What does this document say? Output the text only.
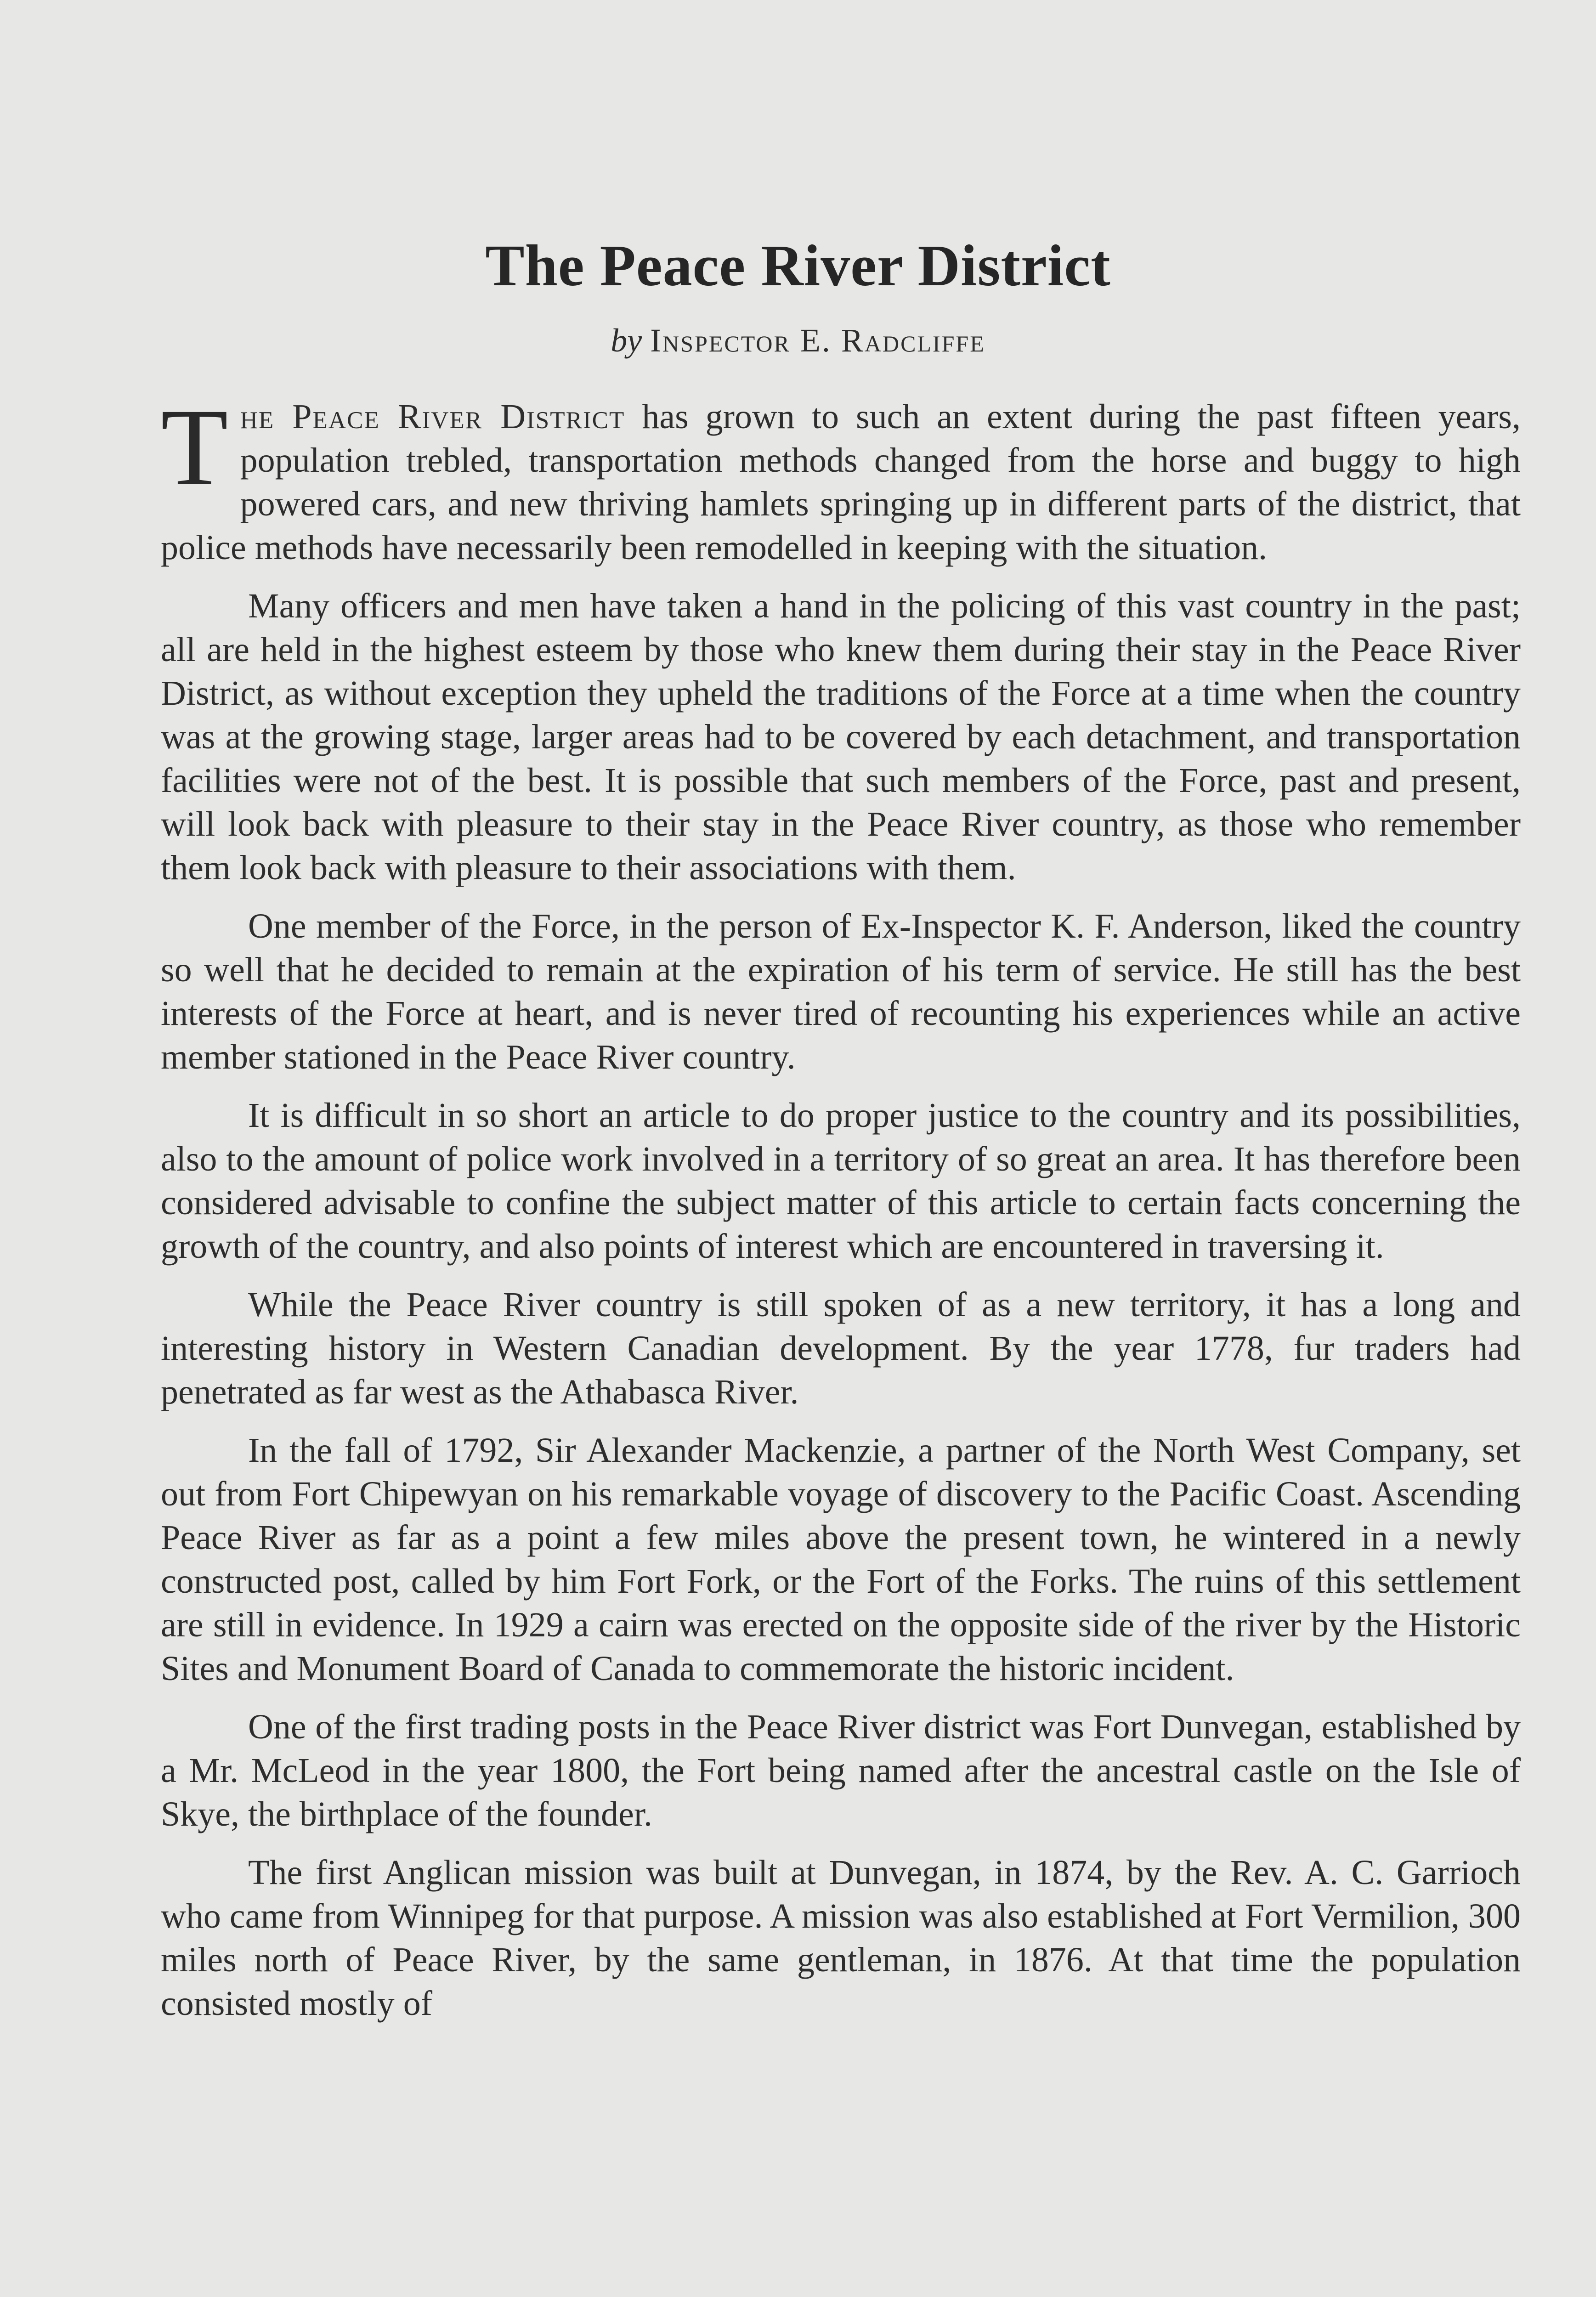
The Peace River District
by Inspector E. Radcliffe

The Peace River District has grown to such an extent during the past fifteen years, population trebled, transportation methods changed from the horse and buggy to high powered cars, and new thriving hamlets springing up in different parts of the district, that police methods have necessarily been remodelled in keeping with the situation.

Many officers and men have taken a hand in the policing of this vast country in the past; all are held in the highest esteem by those who knew them during their stay in the Peace River District, as without exception they upheld the traditions of the Force at a time when the country was at the growing stage, larger areas had to be covered by each detachment, and transportation facilities were not of the best. It is possible that such members of the Force, past and present, will look back with pleasure to their stay in the Peace River country, as those who remember them look back with pleasure to their associations with them.

One member of the Force, in the person of Ex-Inspector K. F. Anderson, liked the country so well that he decided to remain at the expiration of his term of service. He still has the best interests of the Force at heart, and is never tired of recounting his experiences while an active member stationed in the Peace River country.

It is difficult in so short an article to do proper justice to the country and its possibilities, also to the amount of police work involved in a territory of so great an area. It has therefore been considered advisable to confine the subject matter of this article to certain facts concerning the growth of the country, and also points of interest which are encountered in traversing it.

While the Peace River country is still spoken of as a new territory, it has a long and interesting history in Western Canadian development. By the year 1778, fur traders had penetrated as far west as the Athabasca River.

In the fall of 1792, Sir Alexander Mackenzie, a partner of the North West Company, set out from Fort Chipewyan on his remarkable voyage of discovery to the Pacific Coast. Ascending Peace River as far as a point a few miles above the present town, he wintered in a newly constructed post, called by him Fort Fork, or the Fort of the Forks. The ruins of this settlement are still in evidence. In 1929 a cairn was erected on the opposite side of the river by the Historic Sites and Monument Board of Canada to commemorate the historic incident.

One of the first trading posts in the Peace River district was Fort Dunvegan, established by a Mr. McLeod in the year 1800, the Fort being named after the ancestral castle on the Isle of Skye, the birthplace of the founder.

The first Anglican mission was built at Dunvegan, in 1874, by the Rev. A. C. Garrioch who came from Winnipeg for that purpose. A mission was also established at Fort Vermilion, 300 miles north of Peace River, by the same gentleman, in 1876. At that time the population consisted mostly of
